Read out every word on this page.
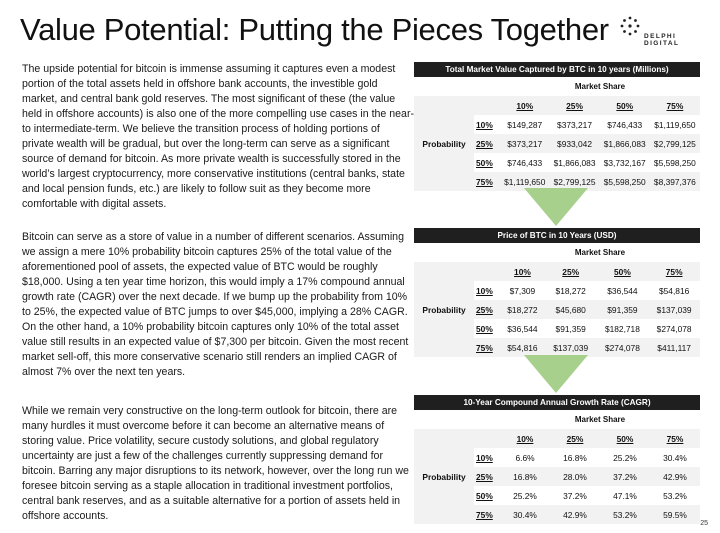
Value Potential: Putting the Pieces Together	DELPHI DIGITAL
The upside potential for bitcoin is immense assuming it captures even a modest portion of the total assets held in offshore bank accounts, the investible gold market, and central bank gold reserves. The most significant of these (the value held in offshore accounts) is also one of the more compelling use cases in the near- to intermediate-term. We believe the transition process of holding portions of private wealth will be gradual, but over the long-term can serve as a significant source of demand for bitcoin. As more private wealth is successfully stored in the world’s largest cryptocurrency, more conservative institutions (central banks, state and local pension funds, etc.) are likely to follow suit as they become more comfortable with digital assets.
Bitcoin can serve as a store of value in a number of different scenarios. Assuming we assign a mere 10% probability bitcoin captures 25% of the total value of the aforementioned pool of assets, the expected value of BTC would be roughly $18,000. Using a ten year time horizon, this would imply a 17% compound annual growth rate (CAGR) over the next decade. If we bump up the probability from 10% to 25%, the expected value of BTC jumps to over $45,000, implying a 28% CAGR. On the other hand, a 10% probability bitcoin captures only 10% of the total asset value still results in an expected value of $7,300 per bitcoin. Given the most recent market sell-off, this more conservative scenario still renders an implied CAGR of almost 7% over the next ten years.
While we remain very constructive on the long-term outlook for bitcoin, there are many hurdles it must overcome before it can become an alternative means of storing value. Price volatility, secure custody solutions, and global regulatory uncertainty are just a few of the challenges currently suppressing demand for bitcoin. Barring any major disruptions to its network, however, over the long run we foresee bitcoin serving as a staple allocation in traditional investment portfolios, central bank reserves, and as a suitable alternative for a portion of assets held in offshore accounts.
Total Market Value Captured by BTC in 10 years (Millions)
		Market Share			
		10%	25%	50%	75%
	10%	$149,287	$373,217	$746,433	$1,119,650
Probability	25%	$373,217	$933,042	$1,866,083	$2,799,125
	50%	$746,433	$1,866,083	$3,732,167	$5,598,250
	75%	$1,119,650	$2,799,125	$5,598,250	$8,397,376
Price of BTC in 10 Years (USD)
		Market Share			
		10%	25%	50%	75%
	10%	$7,309	$18,272	$36,544	$54,816
Probability	25%	$18,272	$45,680	$91,359	$137,039
	50%	$36,544	$91,359	$182,718	$274,078
	75%	$54,816	$137,039	$274,078	$411,117
10-Year Compound Annual Growth Rate (CAGR)
		Market Share			
		10%	25%	50%	75%
	10%	6.6%	16.8%	25.2%	30.4%
Probability	25%	16.8%	28.0%	37.2%	42.9%
	50%	25.2%	37.2%	47.1%	53.2%
	75%	30.4%	42.9%	53.2%	59.5%
25
